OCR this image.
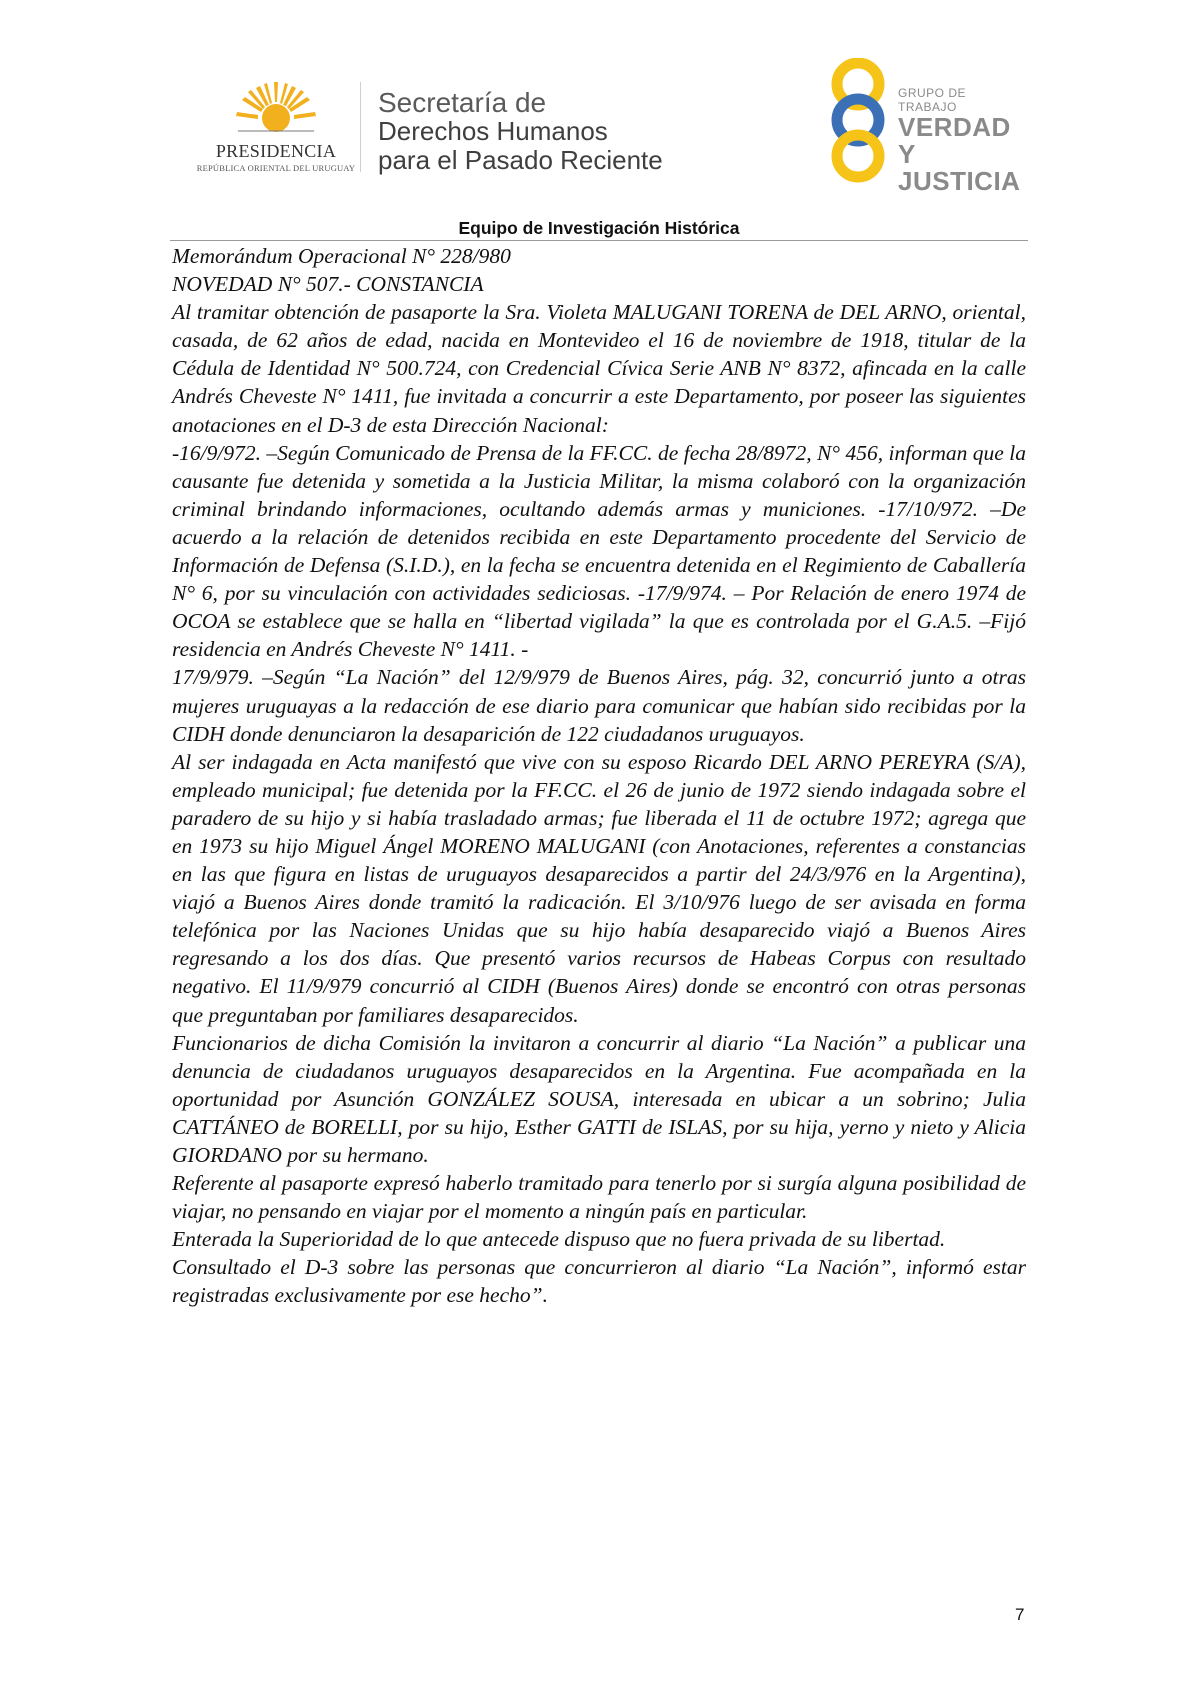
PRESIDENCIA
REPÚBLICA ORIENTAL DEL URUGUAY
Secretaría de
Derechos Humanos
para el Pasado Reciente
GRUPO DE TRABAJO
VERDAD Y
JUSTICIA
Equipo de Investigación Histórica

Memorándum Operacional N° 228/980

NOVEDAD N° 507.- CONSTANCIA

Al tramitar obtención de pasaporte la Sra. Violeta MALUGANI TORENA de DEL ARNO, oriental, casada, de 62 años de edad, nacida en Montevideo el 16 de noviembre de 1918, titular de la Cédula de Identidad N° 500.724, con Credencial Cívica Serie ANB N° 8372, afincada en la calle Andrés Cheveste N° 1411, fue invitada a concurrir a este Departamento, por poseer las siguientes anotaciones en el D-3 de esta Dirección Nacional:

-16/9/972. –Según Comunicado de Prensa de la FF.CC. de fecha 28/8972, N° 456, informan que la causante fue detenida y sometida a la Justicia Militar, la misma colaboró con la organización criminal brindando informaciones, ocultando además armas y municiones. -17/10/972. –De acuerdo a la relación de detenidos recibida en este Departamento procedente del Servicio de Información de Defensa (S.I.D.), en la fecha se encuentra detenida en el Regimiento de Caballería N° 6, por su vinculación con actividades sediciosas. -17/9/974. – Por Relación de enero 1974 de OCOA se establece que se halla en “libertad vigilada” la que es controlada por el G.A.5. –Fijó residencia en Andrés Cheveste N° 1411. -

17/9/979. –Según “La Nación” del 12/9/979 de Buenos Aires, pág. 32, concurrió junto a otras mujeres uruguayas a la redacción de ese diario para comunicar que habían sido recibidas por la CIDH donde denunciaron la desaparición de 122 ciudadanos uruguayos.

Al ser indagada en Acta manifestó que vive con su esposo Ricardo DEL ARNO PEREYRA (S/A), empleado municipal; fue detenida por la FF.CC. el 26 de junio de 1972 siendo indagada sobre el paradero de su hijo y si había trasladado armas; fue liberada el 11 de octubre 1972; agrega que en 1973 su hijo Miguel Ángel MORENO MALUGANI (con Anotaciones, referentes a constancias en las que figura en listas de uruguayos desaparecidos a partir del 24/3/976 en la Argentina), viajó a Buenos Aires donde tramitó la radicación. El 3/10/976 luego de ser avisada en forma telefónica por las Naciones Unidas que su hijo había desaparecido viajó a Buenos Aires regresando a los dos días. Que presentó varios recursos de Habeas Corpus con resultado negativo. El 11/9/979 concurrió al CIDH (Buenos Aires) donde se encontró con otras personas que preguntaban por familiares desaparecidos.

Funcionarios de dicha Comisión la invitaron a concurrir al diario “La Nación” a publicar una denuncia de ciudadanos uruguayos desaparecidos en la Argentina. Fue acompañada en la oportunidad por Asunción GONZÁLEZ SOUSA, interesada en ubicar a un sobrino; Julia CATTÁNEO de BORELLI, por su hijo, Esther GATTI de ISLAS, por su hija, yerno y nieto y Alicia GIORDANO por su hermano.

Referente al pasaporte expresó haberlo tramitado para tenerlo por si surgía alguna posibilidad de viajar, no pensando en viajar por el momento a ningún país en particular.

Enterada la Superioridad de lo que antecede dispuso que no fuera privada de su libertad.

Consultado el D-3 sobre las personas que concurrieron al diario “La Nación”, informó estar registradas exclusivamente por ese hecho”.

7
